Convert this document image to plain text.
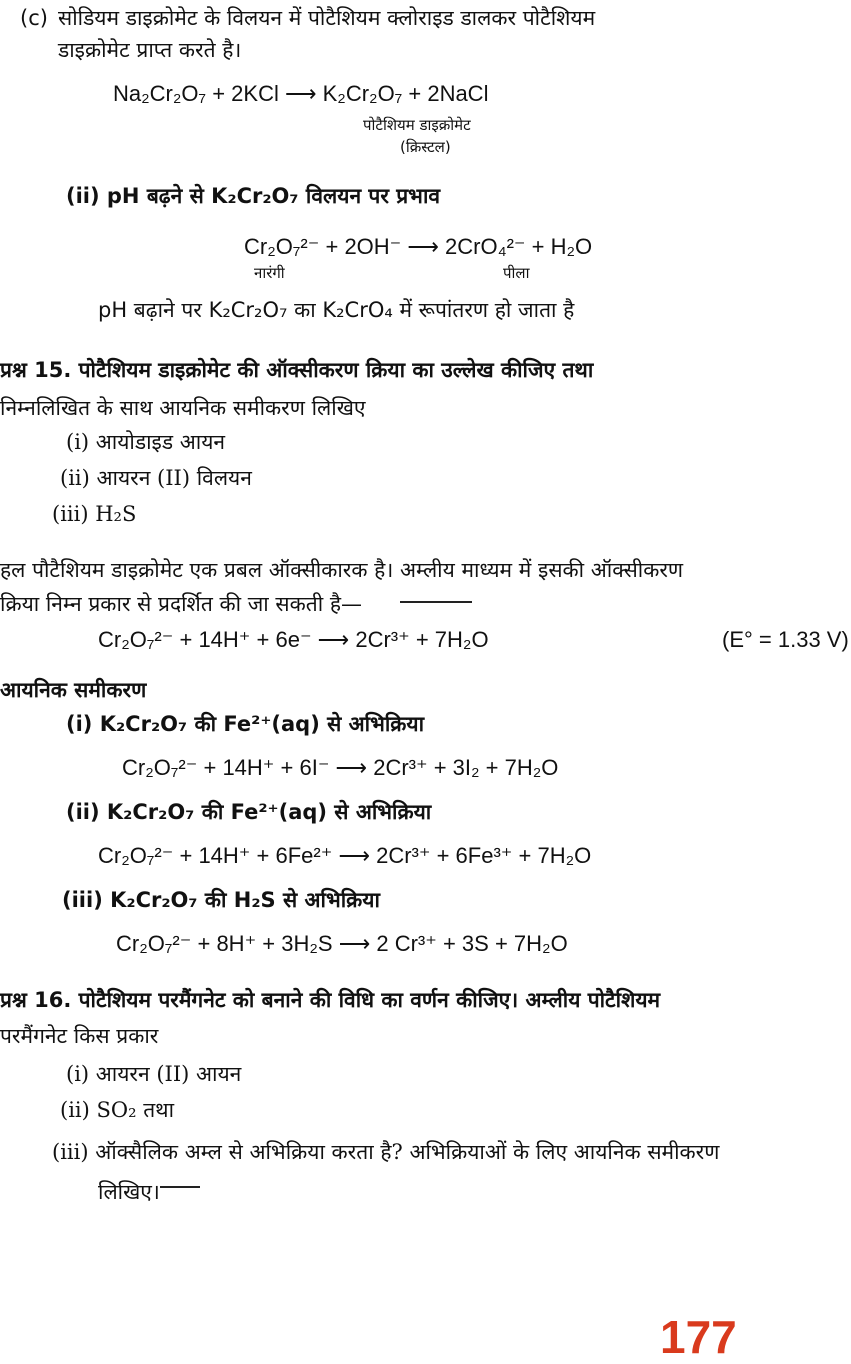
(c) सोडियम डाइक्रोमेट के विलयन में पोटैशियम क्लोराइड डालकर पोटैशियम
डाइक्रोमेट प्राप्त करते है।
Na₂Cr₂O₇ + 2KCl ⟶ K₂Cr₂O₇ + 2NaCl
पोटैशियम डाइक्रोमेट
(क्रिस्टल)
(ii) pH बढ़ने से K₂Cr₂O₇ विलयन पर प्रभाव
Cr₂O₇²⁻ + 2OH⁻ ⟶ 2CrO₄²⁻ + H₂O
नारंगी	पीला
pH बढ़ाने पर K₂Cr₂O₇ का K₂CrO₄ में रूपांतरण हो जाता है
प्रश्न 15. पोटैशियम डाइक्रोमेट की ऑक्सीकरण क्रिया का उल्लेख कीजिए तथा
निम्नलिखित के साथ आयनिक समीकरण लिखिए
(i) आयोडाइड आयन
(ii) आयरन (II) विलयन
(iii) H₂S
हल पौटैशियम डाइक्रोमेट एक प्रबल ऑक्सीकारक है। अम्लीय माध्यम में इसकी ऑक्सीकरण
क्रिया निम्न प्रकार से प्रदर्शित की जा सकती है—
Cr₂O₇²⁻ + 14H⁺ + 6e⁻ ⟶ 2Cr³⁺ + 7H₂O	(E° = 1.33 V)
आयनिक समीकरण
(i) K₂Cr₂O₇ की Fe²⁺(aq) से अभिक्रिया
Cr₂O₇²⁻ + 14H⁺ + 6I⁻ ⟶ 2Cr³⁺ + 3I₂ + 7H₂O
(ii) K₂Cr₂O₇ की Fe²⁺(aq) से अभिक्रिया
Cr₂O₇²⁻ + 14H⁺ + 6Fe²⁺ ⟶ 2Cr³⁺ + 6Fe³⁺ + 7H₂O
(iii) K₂Cr₂O₇ की H₂S से अभिक्रिया
Cr₂O₇²⁻ + 8H⁺ + 3H₂S ⟶ 2 Cr³⁺ + 3S + 7H₂O
प्रश्न 16. पोटैशियम परमैंगनेट को बनाने की विधि का वर्णन कीजिए। अम्लीय पोटैशियम
परमैंगनेट किस प्रकार
(i) आयरन (II) आयन
(ii) SO₂ तथा
(iii) ऑक्सैलिक अम्ल से अभिक्रिया करता है? अभिक्रियाओं के लिए आयनिक समीकरण
लिखिए।
177
